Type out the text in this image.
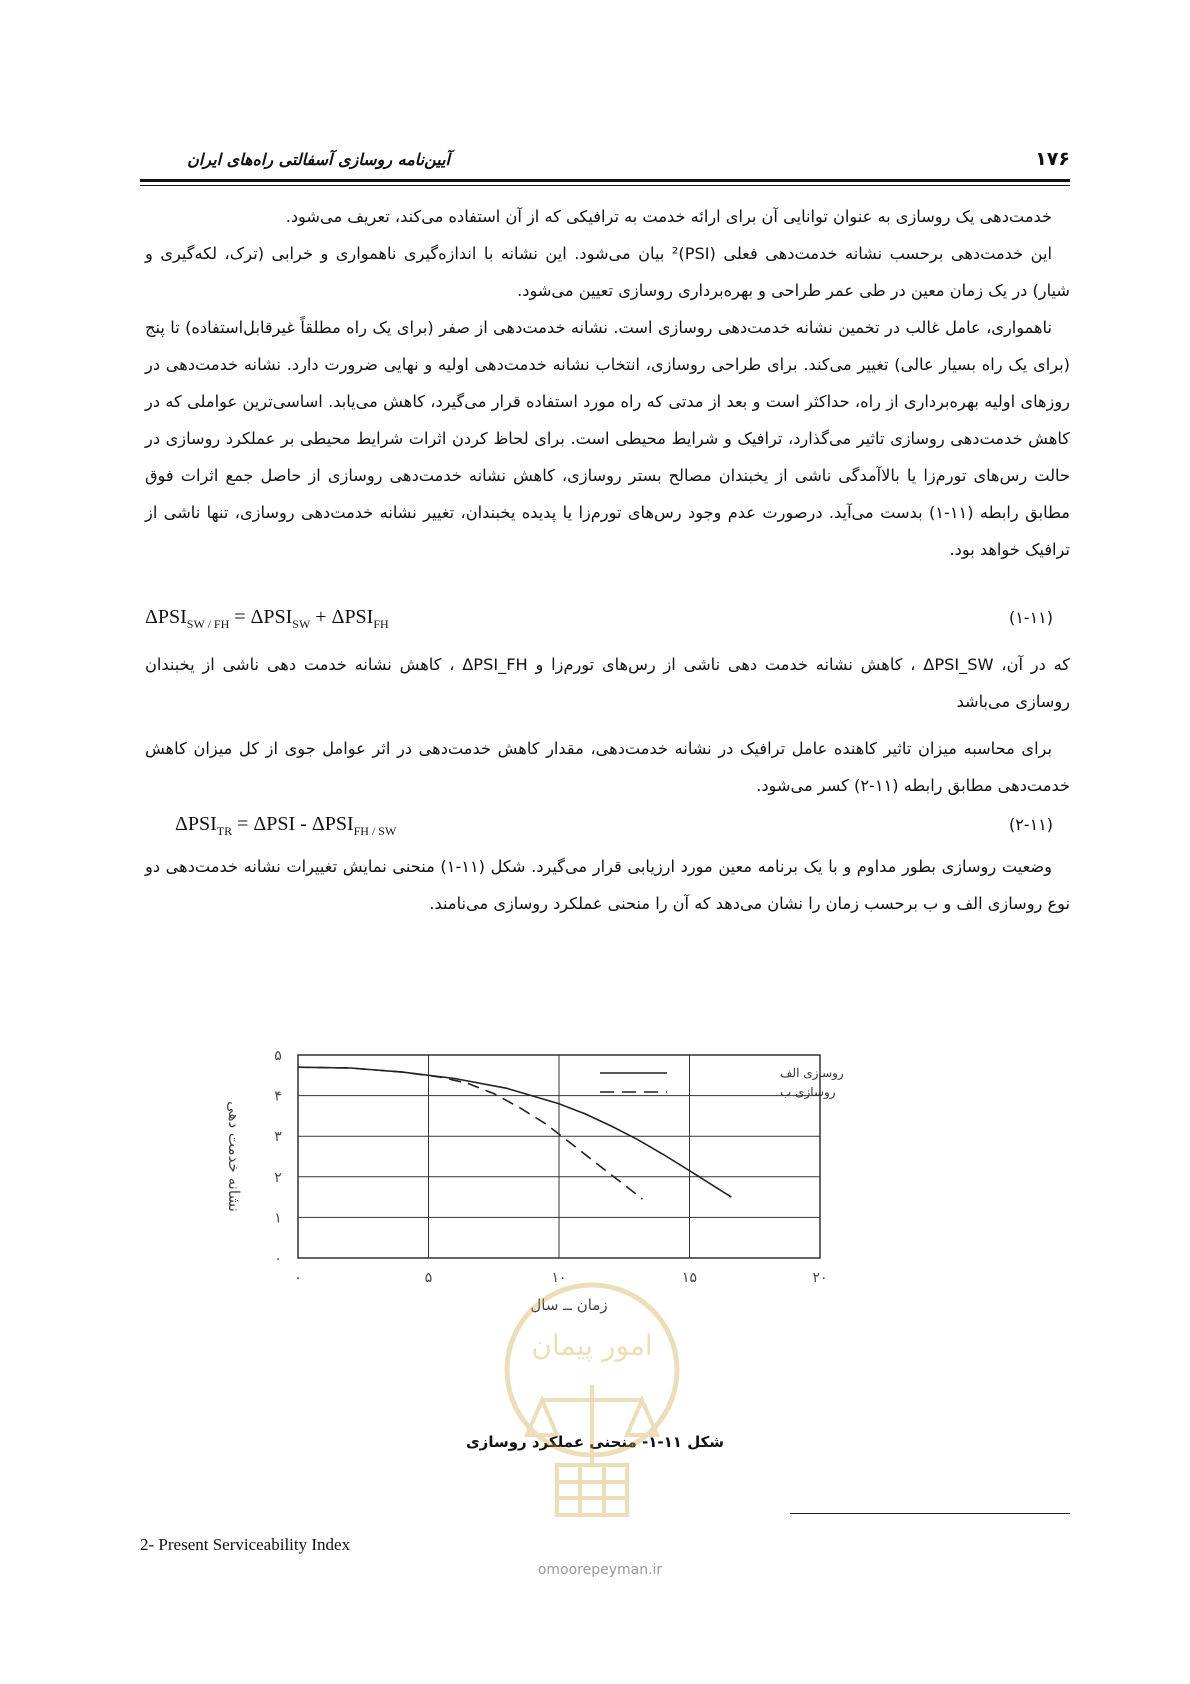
آیین‌نامه روسازی آسفالتی راه‌های ایران	۱۷۶

خدمت‌دهی یک روسازی به عنوان توانایی آن برای ارائه خدمت به ترافیکی که از آن استفاده می‌کند، تعریف می‌شود.

این خدمت‌دهی برحسب نشانه خدمت‌دهی فعلی (PSI)² بیان می‌شود. این نشانه با اندازه‌گیری ناهمواری و خرابی (ترک، لکه‌گیری و شیار) در یک زمان معین در طی عمر طراحی و بهره‌برداری روسازی تعیین می‌شود.

ناهمواری، عامل غالب در تخمین نشانه خدمت‌دهی روسازی است. نشانه خدمت‌دهی از صفر (برای یک راه مطلقاً غیرقابل‌استفاده) تا پنج (برای یک راه بسیار عالی) تغییر می‌کند. برای طراحی روسازی، انتخاب نشانه خدمت‌دهی اولیه و نهایی ضرورت دارد. نشانه خدمت‌دهی در روزهای اولیه بهره‌برداری از راه، حداکثر است و بعد از مدتی که راه مورد استفاده قرار می‌گیرد، کاهش می‌یابد. اساسی‌ترین عواملی که در کاهش خدمت‌دهی روسازی تاثیر می‌گذارد، ترافیک و شرایط محیطی است. برای لحاظ کردن اثرات شرایط محیطی بر عملکرد روسازی در حالت رس‌های تورم‌زا یا بالاآمدگی ناشی از یخبندان مصالح بستر روسازی، کاهش نشانه خدمت‌دهی روسازی از حاصل جمع اثرات فوق مطابق رابطه (۱۱-۱) بدست می‌آید. درصورت عدم وجود رس‌های تورم‌زا یا پدیده یخبندان، تغییر نشانه خدمت‌دهی روسازی، تنها ناشی از ترافیک خواهد بود.

$\Delta PSI_{SW / FH} = \Delta PSI_{SW} + \Delta PSI_{FH}$	(۱-۱۱)

که در آن، ΔPSI_SW ، کاهش نشانه خدمت دهی ناشی از رس‌های تورم‌زا و ΔPSI_FH ، کاهش نشانه خدمت دهی ناشی از یخبندان روسازی می‌باشد

برای محاسبه میزان تاثیر کاهنده عامل ترافیک در نشانه خدمت‌دهی، مقدار کاهش خدمت‌دهی در اثر عوامل جوی از کل میزان کاهش خدمت‌دهی مطابق رابطه (۱۱-۲) کسر می‌شود.

$\Delta PSI_{TR} = \Delta PSI - \Delta PSI_{FH / SW}$	(۲-۱۱)

وضعیت روسازی بطور مداوم و با یک برنامه معین مورد ارزیابی قرار می‌گیرد. شکل (۱۱-۱) منحنی نمایش تغییرات نشانه خدمت‌دهی دو نوع روسازی الف و ب برحسب زمان را نشان می‌دهد که آن را منحنی عملکرد روسازی می‌نامند.

۰
۱
۲
۳
۴
۵
۰	۵	۱۰	۱۵	۲۰
نشانه خدمت دهی
زمان ــ سال
روسازی الف
روسازی ب
شکل ۱۱-۱- منحنی عملکرد روسازی
امور پیمان
omoorepeyman.ir
2- Present Serviceability Index
